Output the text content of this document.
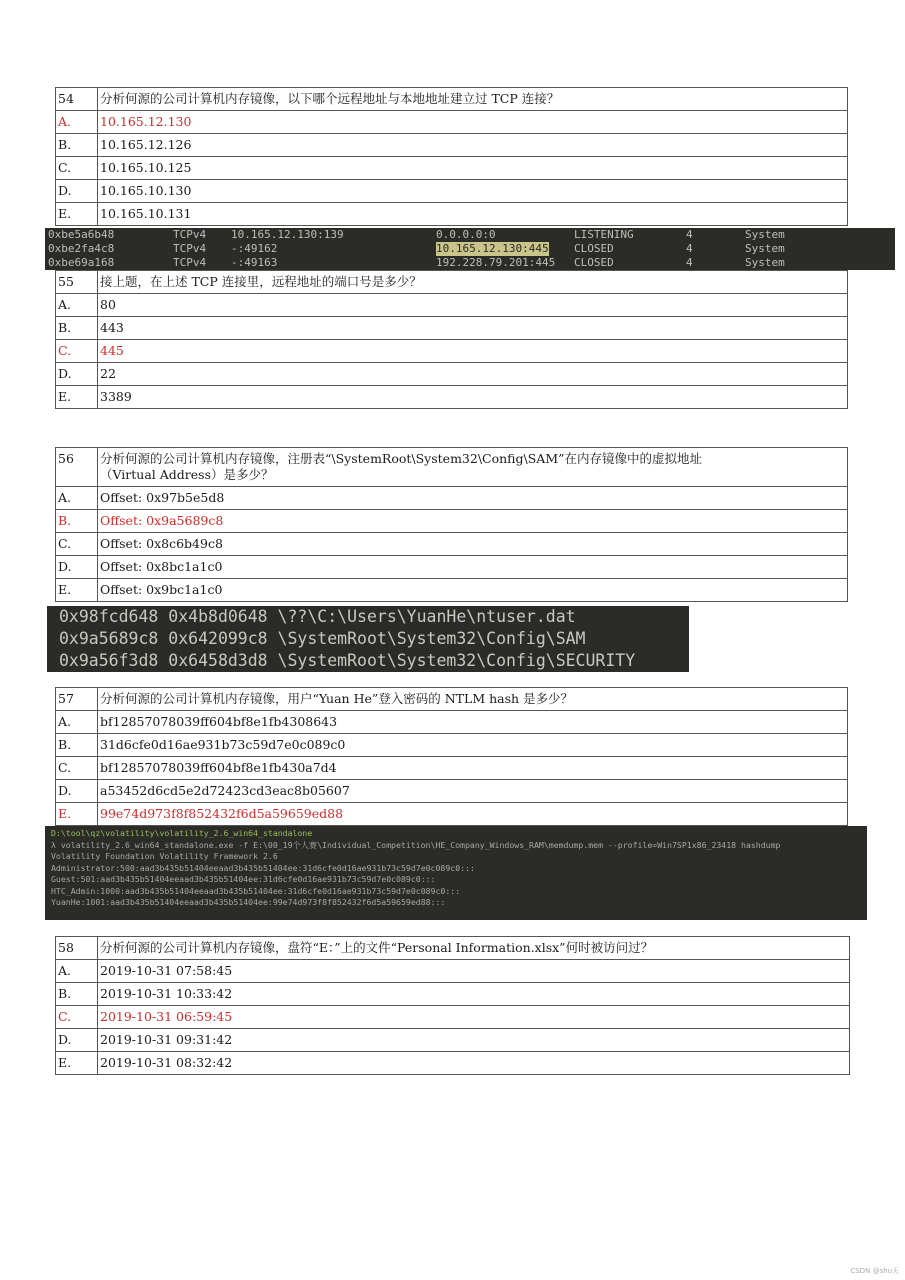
54	分析何源的公司计算机内存镜像，以下哪个远程地址与本地地址建立过 TCP 连接？
A.	10.165.12.130
B.	10.165.12.126
C.	10.165.10.125
D.	10.165.10.130
E.	10.165.10.131
0xbe5a6b48	TCPv4 10.165.12.130:139	0.0.0.0:0	LISTENING	4	System

0xbe2fa4c8	TCPv4 -:49162	10.165.12.130:445 CLOSED	4	System

0xbe69a168	TCPv4 -:49163	192.228.79.201:445 CLOSED	4	System

55	接上题，在上述 TCP 连接里，远程地址的端口号是多少？
A.	80
B.	443
C.	445
D.	22
E.	3389
56	分析何源的公司计算机内存镜像，注册表“\SystemRoot\System32\Config\SAM”在内存镜像中的虚拟地址
（Virtual Address）是多少？

A.	Offset: 0x97b5e5d8
B.	Offset: 0x9a5689c8
C.	Offset: 0x8c6b49c8
D.	Offset: 0x8bc1a1c0
E.	Offset: 0x9bc1a1c0
0x98fcd648 0x4b8d0648 \??\C:\Users\YuanHe\ntuser.dat
0x9a5689c8 0x642099c8 \SystemRoot\System32\Config\SAM
0x9a56f3d8 0x6458d3d8 \SystemRoot\System32\Config\SECURITY
57	分析何源的公司计算机内存镜像，用户“Yuan He”登入密码的 NTLM hash 是多少？
A.	bf12857078039ff604bf8e1fb4308643
B.	31d6cfe0d16ae931b73c59d7e0c089c0
C.	bf12857078039ff604bf8e1fb430a7d4
D.	a53452d6cd5e2d72423cd3eac8b05607
E.	99e74d973f8f852432f6d5a59659ed88
D:\tool\qz\volatility\volatility_2.6_win64_standalone
λ volatility_2.6_win64_standalone.exe -f E:\00_19个人赛\Individual_Competition\HE_Company_Windows_RAM\memdump.mem --profile=Win7SP1x86_23418 hashdump
Volatility Foundation Volatility Framework 2.6
Administrator:500:aad3b435b51404eeaad3b435b51404ee:31d6cfe0d16ae931b73c59d7e0c089c0:::
Guest:501:aad3b435b51404eeaad3b435b51404ee:31d6cfe0d16ae931b73c59d7e0c089c0:::
HTC_Admin:1000:aad3b435b51404eeaad3b435b51404ee:31d6cfe0d16ae931b73c59d7e0c089c0:::
YuanHe:1001:aad3b435b51404eeaad3b435b51404ee:99e74d973f8f852432f6d5a59659ed88:::
58	分析何源的公司计算机内存镜像，盘符“E：”上的文件“Personal Information.xlsx”何时被访问过？
A.	2019-10-31 07:58:45
B.	2019-10-31 10:33:42
C.	2019-10-31 06:59:45
D.	2019-10-31 09:31:42
E.	2019-10-31 08:32:42
CSDN @shu天
